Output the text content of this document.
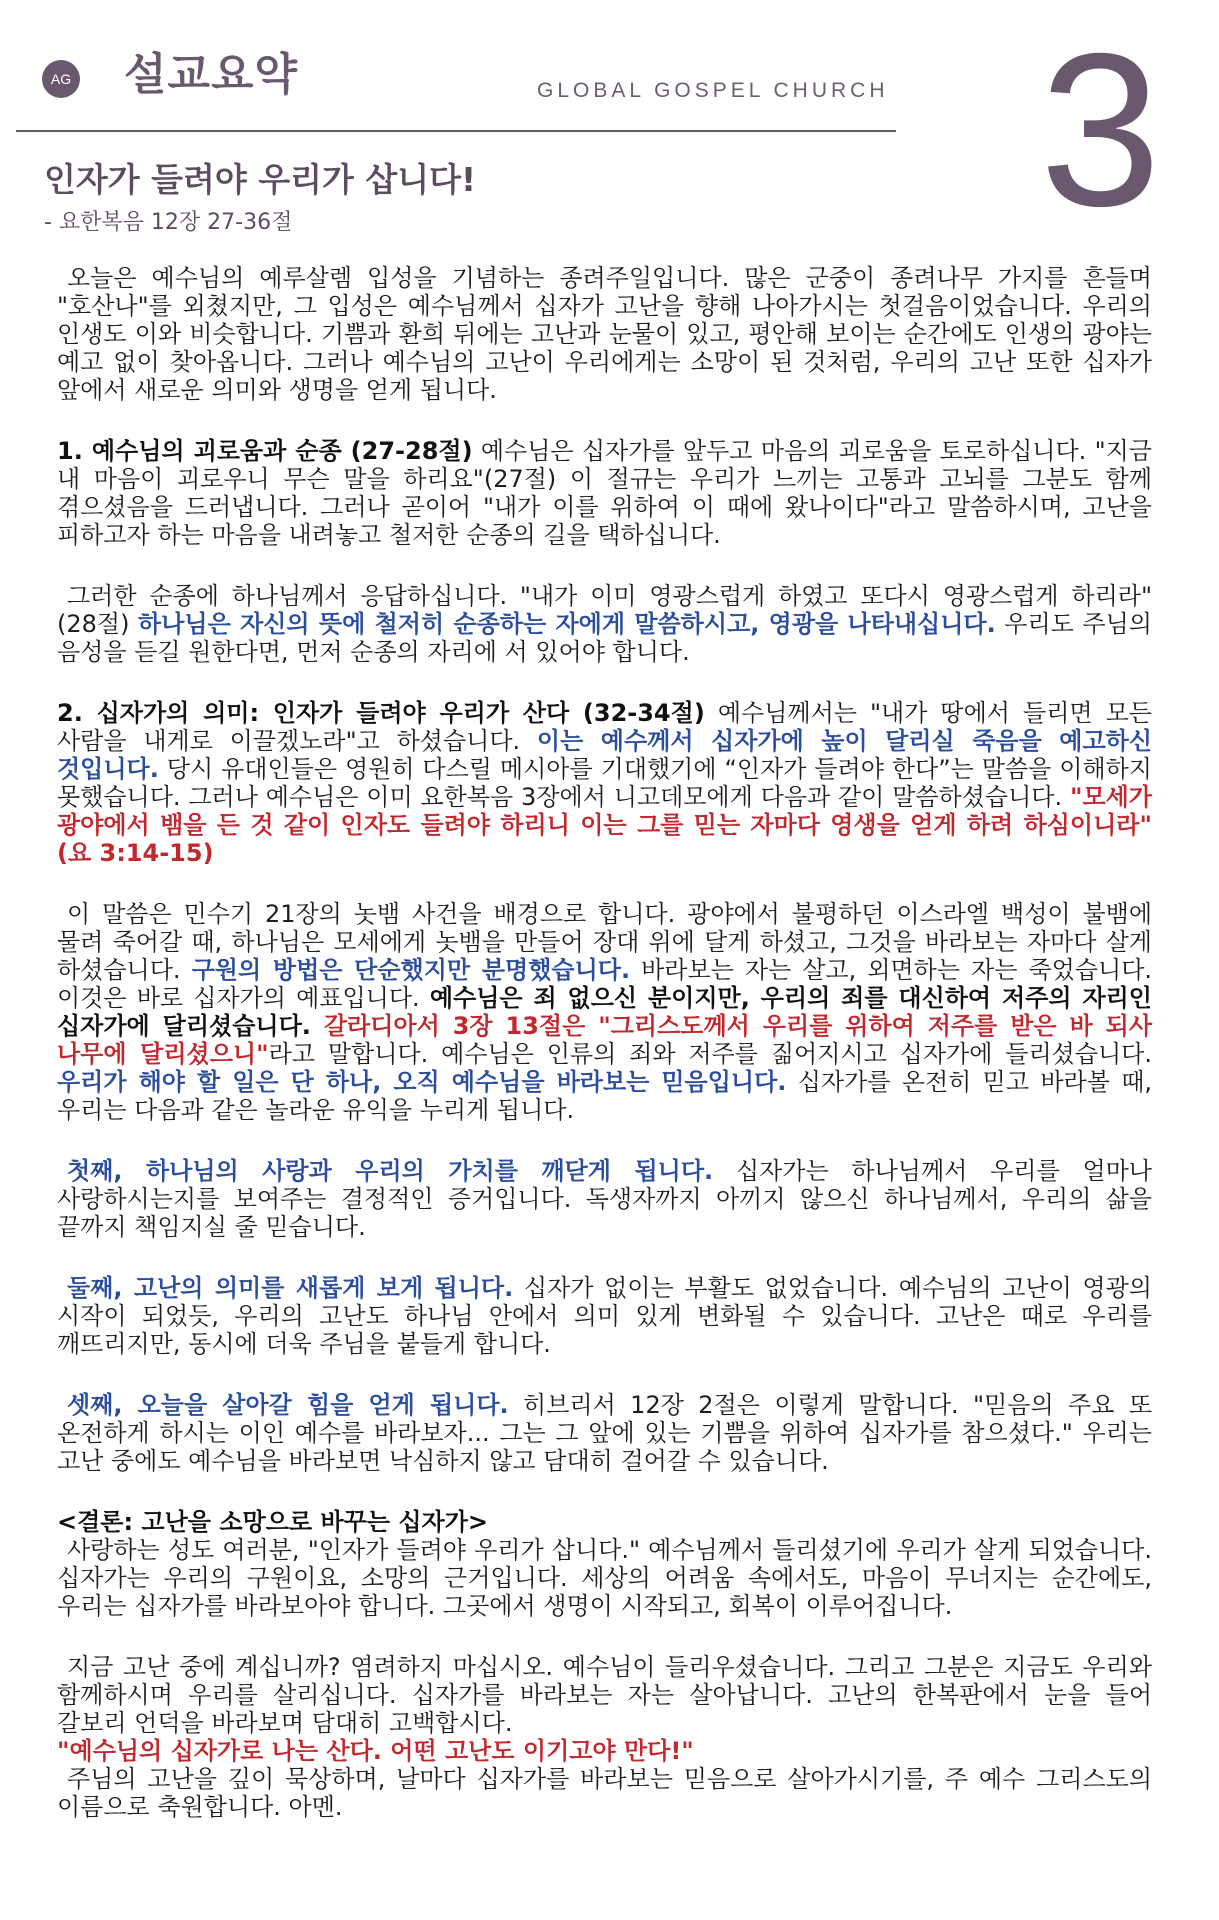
AG 설교요약	GLOBAL GOSPEL CHURCH 3
인자가 들려야 우리가 삽니다!
- 요한복음 12장 27-36절

오늘은 예수님의 예루살렘 입성을 기념하는 종려주일입니다. 많은 군중이 종려나무 가지를 흔들며 "호산나"를 외쳤지만, 그 입성은 예수님께서 십자가 고난을 향해 나아가시는 첫걸음이었습니다. 우리의 인생도 이와 비슷합니다. 기쁨과 환희 뒤에는 고난과 눈물이 있고, 평안해 보이는 순간에도 인생의 광야는 예고 없이 찾아옵니다. 그러나 예수님의 고난이 우리에게는 소망이 된 것처럼, 우리의 고난 또한 십자가 앞에서 새로운 의미와 생명을 얻게 됩니다.

1. 예수님의 괴로움과 순종 (27-28절) 예수님은 십자가를 앞두고 마음의 괴로움을 토로하십니다. "지금 내 마음이 괴로우니 무슨 말을 하리요"(27절) 이 절규는 우리가 느끼는 고통과 고뇌를 그분도 함께 겪으셨음을 드러냅니다. 그러나 곧이어 "내가 이를 위하여 이 때에 왔나이다"라고 말씀하시며, 고난을 피하고자 하는 마음을 내려놓고 철저한 순종의 길을 택하십니다.

그러한 순종에 하나님께서 응답하십니다. "내가 이미 영광스럽게 하였고 또다시 영광스럽게 하리라"(28절) 하나님은 자신의 뜻에 철저히 순종하는 자에게 말씀하시고, 영광을 나타내십니다. 우리도 주님의 음성을 듣길 원한다면, 먼저 순종의 자리에 서 있어야 합니다.

2. 십자가의 의미: 인자가 들려야 우리가 산다 (32-34절) 예수님께서는 "내가 땅에서 들리면 모든 사람을 내게로 이끌겠노라"고 하셨습니다. 이는 예수께서 십자가에 높이 달리실 죽음을 예고하신 것입니다. 당시 유대인들은 영원히 다스릴 메시아를 기대했기에 “인자가 들려야 한다”는 말씀을 이해하지 못했습니다. 그러나 예수님은 이미 요한복음 3장에서 니고데모에게 다음과 같이 말씀하셨습니다. "모세가 광야에서 뱀을 든 것 같이 인자도 들려야 하리니 이는 그를 믿는 자마다 영생을 얻게 하려 하심이니라" (요 3:14-15)

이 말씀은 민수기 21장의 놋뱀 사건을 배경으로 합니다. 광야에서 불평하던 이스라엘 백성이 불뱀에 물려 죽어갈 때, 하나님은 모세에게 놋뱀을 만들어 장대 위에 달게 하셨고, 그것을 바라보는 자마다 살게 하셨습니다. 구원의 방법은 단순했지만 분명했습니다. 바라보는 자는 살고, 외면하는 자는 죽었습니다. 이것은 바로 십자가의 예표입니다. 예수님은 죄 없으신 분이지만, 우리의 죄를 대신하여 저주의 자리인 십자가에 달리셨습니다. 갈라디아서 3장 13절은 "그리스도께서 우리를 위하여 저주를 받은 바 되사 나무에 달리셨으니"라고 말합니다. 예수님은 인류의 죄와 저주를 짊어지시고 십자가에 들리셨습니다. 우리가 해야 할 일은 단 하나, 오직 예수님을 바라보는 믿음입니다. 십자가를 온전히 믿고 바라볼 때, 우리는 다음과 같은 놀라운 유익을 누리게 됩니다.

첫째, 하나님의 사랑과 우리의 가치를 깨닫게 됩니다. 십자가는 하나님께서 우리를 얼마나 사랑하시는지를 보여주는 결정적인 증거입니다. 독생자까지 아끼지 않으신 하나님께서, 우리의 삶을 끝까지 책임지실 줄 믿습니다.

둘째, 고난의 의미를 새롭게 보게 됩니다. 십자가 없이는 부활도 없었습니다. 예수님의 고난이 영광의 시작이 되었듯, 우리의 고난도 하나님 안에서 의미 있게 변화될 수 있습니다. 고난은 때로 우리를 깨뜨리지만, 동시에 더욱 주님을 붙들게 합니다.

셋째, 오늘을 살아갈 힘을 얻게 됩니다. 히브리서 12장 2절은 이렇게 말합니다. "믿음의 주요 또 온전하게 하시는 이인 예수를 바라보자... 그는 그 앞에 있는 기쁨을 위하여 십자가를 참으셨다." 우리는 고난 중에도 예수님을 바라보면 낙심하지 않고 담대히 걸어갈 수 있습니다.

<결론: 고난을 소망으로 바꾸는 십자가>

사랑하는 성도 여러분, "인자가 들려야 우리가 삽니다." 예수님께서 들리셨기에 우리가 살게 되었습니다. 십자가는 우리의 구원이요, 소망의 근거입니다. 세상의 어려움 속에서도, 마음이 무너지는 순간에도, 우리는 십자가를 바라보아야 합니다. 그곳에서 생명이 시작되고, 회복이 이루어집니다.

지금 고난 중에 계십니까? 염려하지 마십시오. 예수님이 들리우셨습니다. 그리고 그분은 지금도 우리와 함께하시며 우리를 살리십니다. 십자가를 바라보는 자는 살아납니다. 고난의 한복판에서 눈을 들어 갈보리 언덕을 바라보며 담대히 고백합시다.

"예수님의 십자가로 나는 산다. 어떤 고난도 이기고야 만다!"

주님의 고난을 깊이 묵상하며, 날마다 십자가를 바라보는 믿음으로 살아가시기를, 주 예수 그리스도의 이름으로 축원합니다. 아멘.
